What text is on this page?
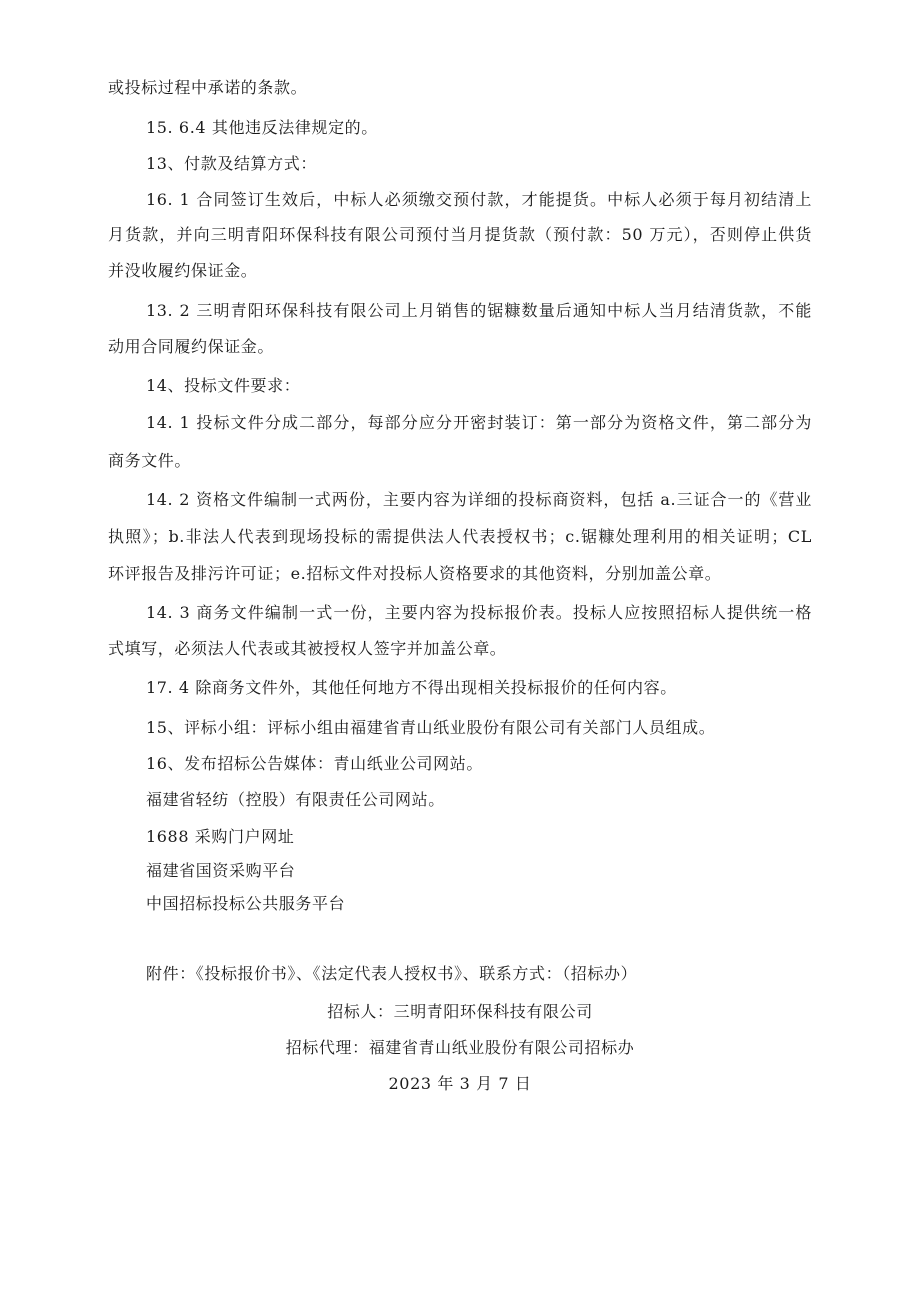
或投标过程中承诺的条款。

15. 6.4 其他违反法律规定的。

13、付款及结算方式：

16. 1 合同签订生效后，中标人必须缴交预付款，才能提货。中标人必须于每月初结清上

月货款，并向三明青阳环保科技有限公司预付当月提货款（预付款：50 万元），否则停止供货

并没收履约保证金。

13. 2 三明青阳环保科技有限公司上月销售的锯糠数量后通知中标人当月结清货款，不能

动用合同履约保证金。

14、投标文件要求：

14. 1 投标文件分成二部分，每部分应分开密封装订：第一部分为资格文件，第二部分为

商务文件。

14. 2 资格文件编制一式两份，主要内容为详细的投标商资料，包括 a.三证合一的《营业

执照》；b.非法人代表到现场投标的需提供法人代表授权书；c.锯糠处理利用的相关证明；CL

环评报告及排污许可证；e.招标文件对投标人资格要求的其他资料，分别加盖公章。

14. 3 商务文件编制一式一份，主要内容为投标报价表。投标人应按照招标人提供统一格

式填写，必须法人代表或其被授权人签字并加盖公章。

17. 4 除商务文件外，其他任何地方不得出现相关投标报价的任何内容。

15、评标小组：评标小组由福建省青山纸业股份有限公司有关部门人员组成。

16、发布招标公告媒体：青山纸业公司网站。

福建省轻纺（控股）有限责任公司网站。

1688 采购门户网址

福建省国资采购平台

中国招标投标公共服务平台

附件：《投标报价书》、《法定代表人授权书》、联系方式：（招标办）

招标人：三明青阳环保科技有限公司

招标代理：福建省青山纸业股份有限公司招标办

2023 年 3 月 7 日
